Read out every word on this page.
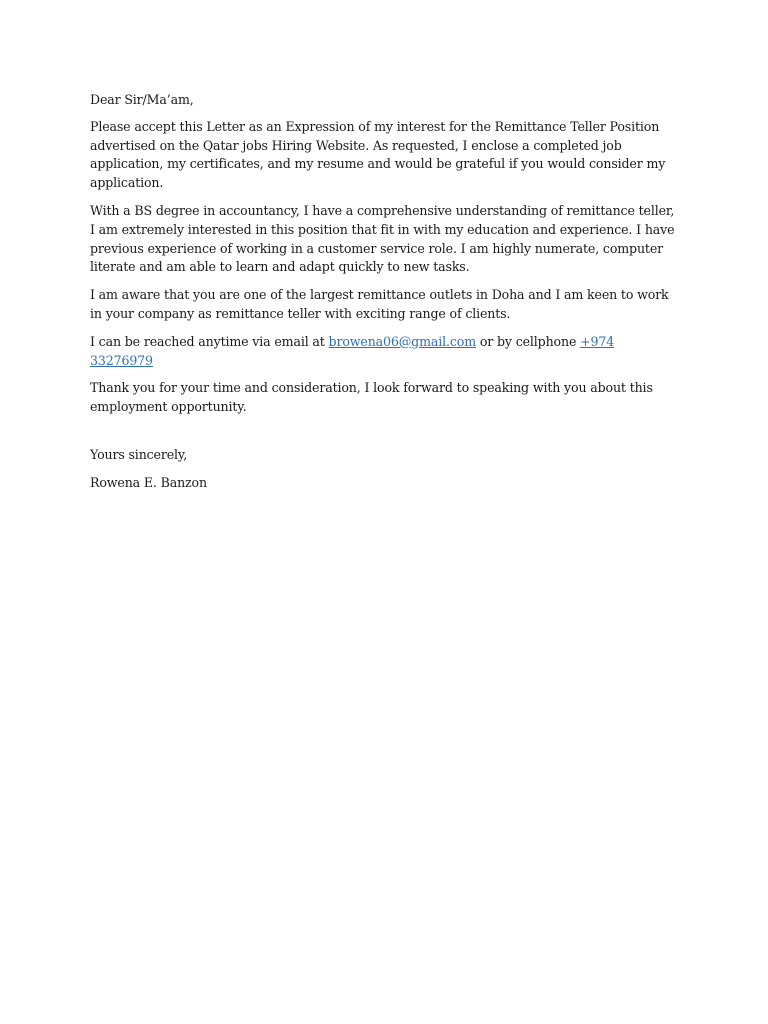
Dear Sir/Ma’am,

Please accept this Letter as an Expression of my interest for the Remittance Teller Position advertised on the Qatar jobs Hiring Website. As requested, I enclose a completed job application, my certificates, and my resume and would be grateful if you would consider my application.

With a BS degree in accountancy, I have a comprehensive understanding of remittance teller, I am extremely interested in this position that fit in with my education and experience. I have previous experience of working in a customer service role. I am highly numerate, computer literate and am able to learn and adapt quickly to new tasks.

I am aware that you are one of the largest remittance outlets in Doha and I am keen to work in your company as remittance teller with exciting range of clients.

I can be reached anytime via email at browena06@gmail.com or by cellphone +974 33276979

Thank you for your time and consideration, I look forward to speaking with you about this employment opportunity.

Yours sincerely,

Rowena E. Banzon
